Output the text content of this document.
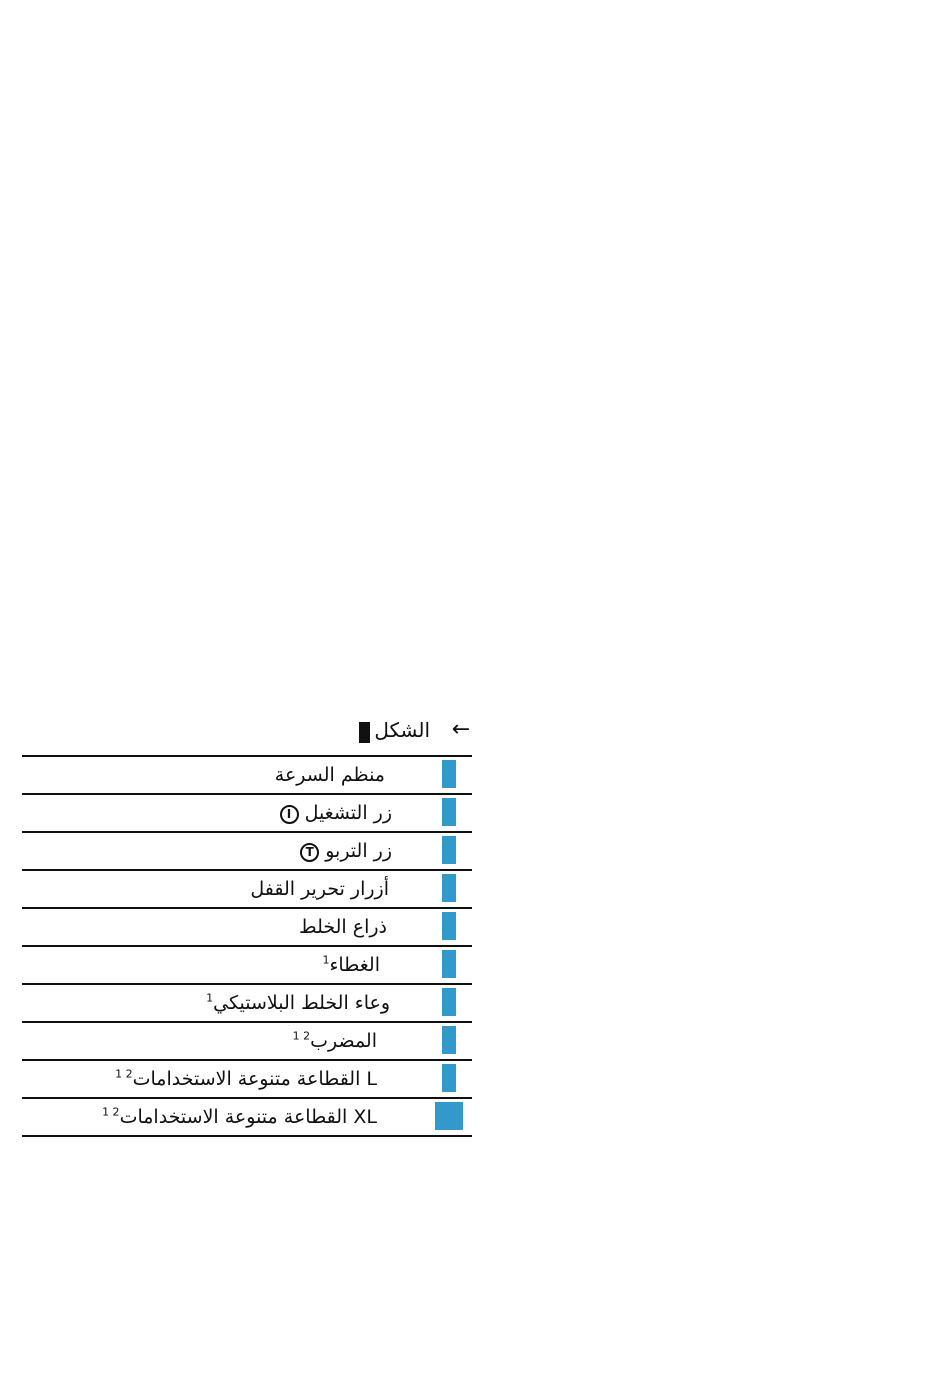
←
الشكل
منظم السرعة
I زر التشغيل
T زر التربو
أزرار تحرير القفل
ذراع الخلط
$^1$الغطاء
$^1$وعاء الخلط البلاستيكي
$^{1 2}$المضرب
$^{1 2}$القطاعة متنوعة الاستخدامات L
$^{1 2}$القطاعة متنوعة الاستخدامات XL
